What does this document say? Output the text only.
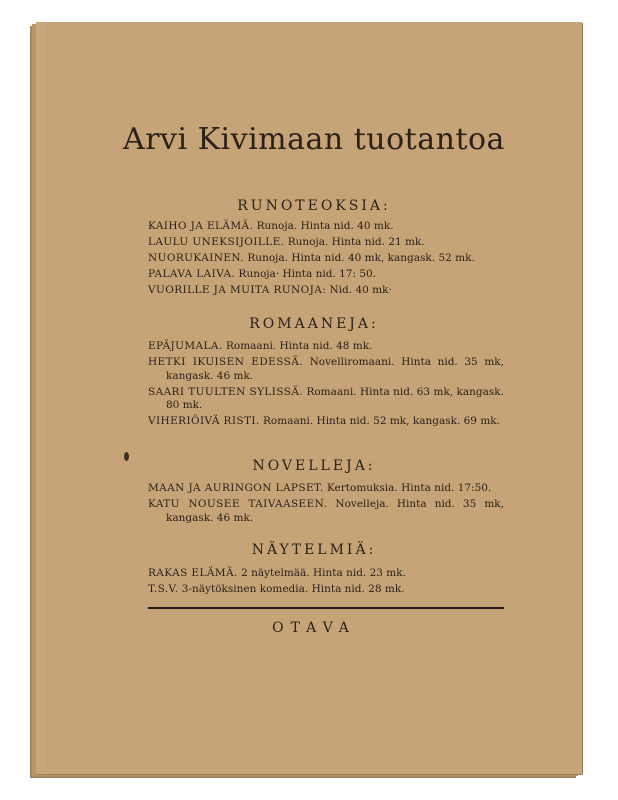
Arvi Kivimaan tuotantoa
RUNOTEOKSIA:

KAIHO JA ELÄMÄ. Runoja. Hinta nid. 40 mk.

LAULU UNEKSIJOILLE. Runoja. Hinta nid. 21 mk.

NUORUKAINEN. Runoja. Hinta nid. 40 mk, kangask. 52 mk.

PALAVA LAIVA. Runoja· Hinta nid. 17: 50.

VUORILLE JA MUITA RUNOJA: Nid. 40 mk·

ROMAANEJA:

EPÄJUMALA. Romaani. Hinta nid. 48 mk.

HETKI IKUISEN EDESSÄ. Novelliromaani. Hinta nid. 35 mk, kangask. 46 mk.

SAARI TUULTEN SYLISSÄ. Romaani. Hinta nid. 63 mk, kangask. 80 mk.

VIHERIÖIVÄ RISTI. Romaani. Hinta nid. 52 mk, kangask. 69 mk.

NOVELLEJA:

MAAN JA AURINGON LAPSET. Kertomuksia. Hinta nid. 17:50.

KATU NOUSEE TAIVAASEEN. Novelleja. Hinta nid. 35 mk, kangask. 46 mk.

NÄYTELMIÄ:

RAKAS ELÄMÄ. 2 näytelmää. Hinta nid. 23 mk.

T.S.V. 3-näytöksinen komedia. Hinta nid. 28 mk.

OTAVA
